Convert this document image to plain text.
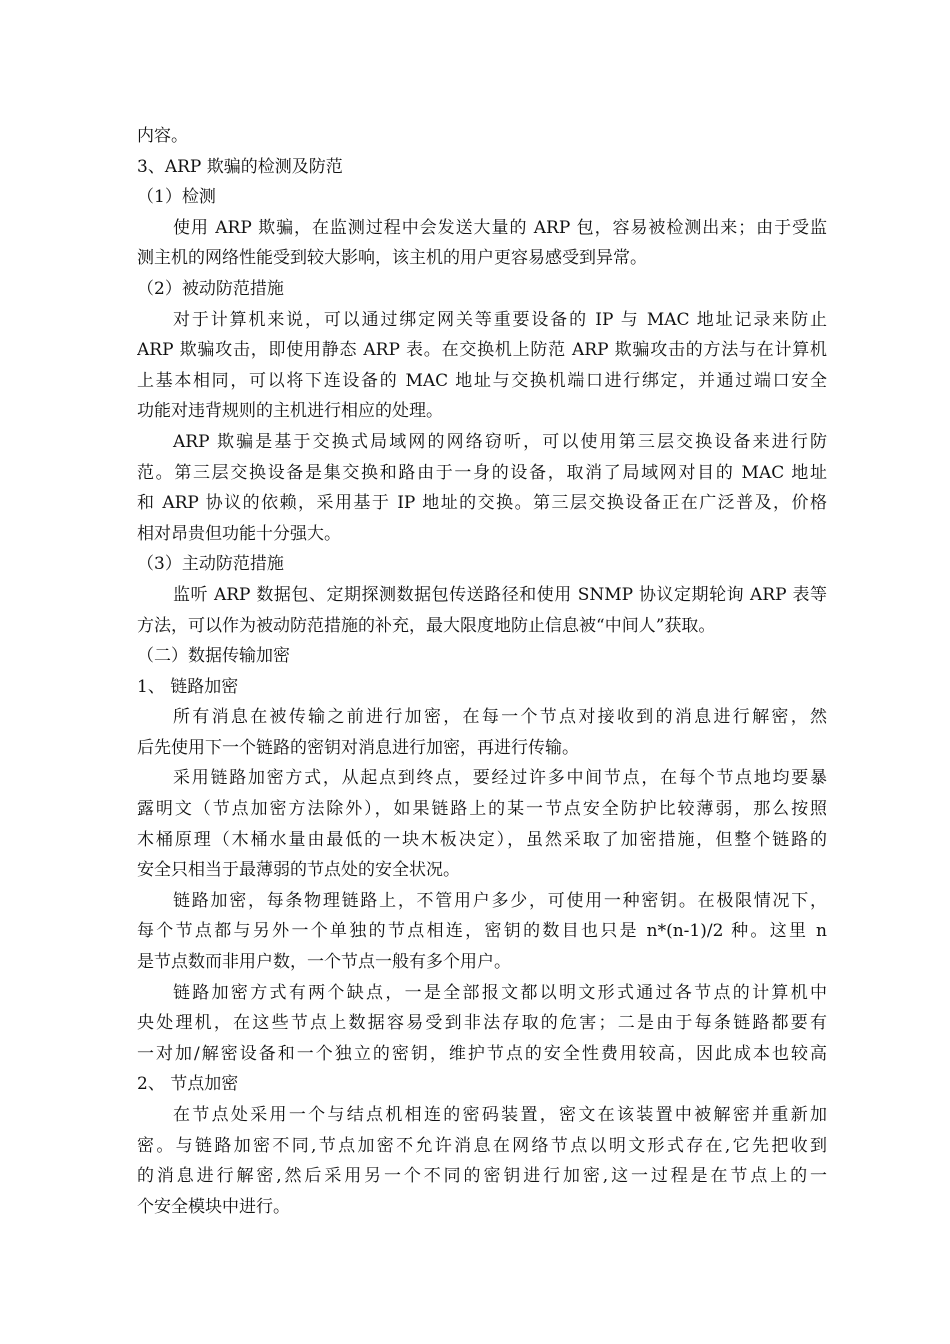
内容。
3、ARP 欺骗的检测及防范
（1）检测
使用 ARP 欺骗，在监测过程中会发送大量的 ARP 包，容易被检测出来；由于受监
测主机的网络性能受到较大影响，该主机的用户更容易感受到异常。
（2）被动防范措施
对于计算机来说，可以通过绑定网关等重要设备的 IP 与 MAC 地址记录来防止
ARP 欺骗攻击，即使用静态 ARP 表。在交换机上防范 ARP 欺骗攻击的方法与在计算机
上基本相同，可以将下连设备的 MAC 地址与交换机端口进行绑定，并通过端口安全
功能对违背规则的主机进行相应的处理。
ARP 欺骗是基于交换式局域网的网络窃听，可以使用第三层交换设备来进行防
范。第三层交换设备是集交换和路由于一身的设备，取消了局域网对目的 MAC 地址
和 ARP 协议的依赖，采用基于 IP 地址的交换。第三层交换设备正在广泛普及，价格
相对昂贵但功能十分强大。
（3）主动防范措施
监听 ARP 数据包、定期探测数据包传送路径和使用 SNMP 协议定期轮询 ARP 表等
方法，可以作为被动防范措施的补充，最大限度地防止信息被“中间人”获取。
（二）数据传输加密
1、 链路加密
所有消息在被传输之前进行加密，在每一个节点对接收到的消息进行解密，然
后先使用下一个链路的密钥对消息进行加密，再进行传输。
采用链路加密方式，从起点到终点，要经过许多中间节点，在每个节点地均要暴
露明文（节点加密方法除外），如果链路上的某一节点安全防护比较薄弱，那么按照
木桶原理（木桶水量由最低的一块木板决定），虽然采取了加密措施，但整个链路的
安全只相当于最薄弱的节点处的安全状况。
链路加密，每条物理链路上，不管用户多少，可使用一种密钥。在极限情况下，
每个节点都与另外一个单独的节点相连，密钥的数目也只是 n*(n-1)/2 种。这里 n
是节点数而非用户数，一个节点一般有多个用户。
链路加密方式有两个缺点，一是全部报文都以明文形式通过各节点的计算机中
央处理机，在这些节点上数据容易受到非法存取的危害；二是由于每条链路都要有
一对加/解密设备和一个独立的密钥，维护节点的安全性费用较高，因此成本也较高
2、 节点加密
在节点处采用一个与结点机相连的密码装置，密文在该装置中被解密并重新加
密。与链路加密不同,节点加密不允许消息在网络节点以明文形式存在,它先把收到
的消息进行解密,然后采用另一个不同的密钥进行加密,这一过程是在节点上的一
个安全模块中进行。
